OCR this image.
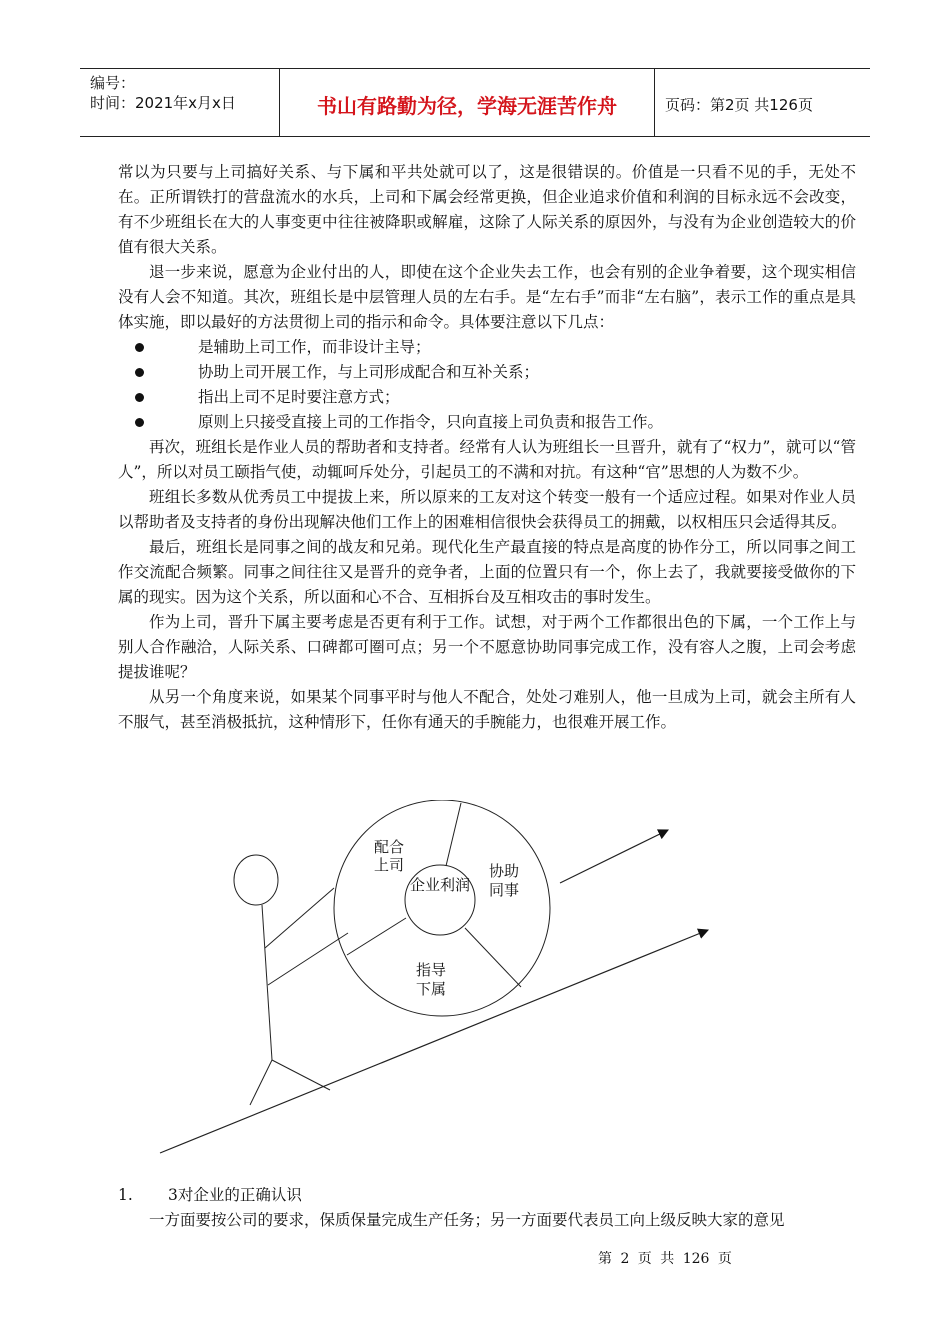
编号：
时间：2021年x月x日	书山有路勤为径，学海无涯苦作舟	页码：第2页 共126页

常以为只要与上司搞好关系、与下属和平共处就可以了，这是很错误的。价值是一只看不见的手，无处不在。正所谓铁打的营盘流水的水兵，上司和下属会经常更换，但企业追求价值和利润的目标永远不会改变，有不少班组长在大的人事变更中往往被降职或解雇，这除了人际关系的原因外，与没有为企业创造较大的价值有很大关系。

退一步来说，愿意为企业付出的人，即使在这个企业失去工作，也会有别的企业争着要，这个现实相信没有人会不知道。其次，班组长是中层管理人员的左右手。是“左右手”而非“左右脑”，表示工作的重点是具体实施，即以最好的方法贯彻上司的指示和命令。具体要注意以下几点：

是辅助上司工作，而非设计主导；
协助上司开展工作，与上司形成配合和互补关系；
指出上司不足时要注意方式；
原则上只接受直接上司的工作指令，只向直接上司负责和报告工作。

再次，班组长是作业人员的帮助者和支持者。经常有人认为班组长一旦晋升，就有了“权力”，就可以“管人”，所以对员工颐指气使，动辄呵斥处分，引起员工的不满和对抗。有这种“官”思想的人为数不少。

班组长多数从优秀员工中提拔上来，所以原来的工友对这个转变一般有一个适应过程。如果对作业人员以帮助者及支持者的身份出现解决他们工作上的困难相信很快会获得员工的拥戴，以权相压只会适得其反。

最后，班组长是同事之间的战友和兄弟。现代化生产最直接的特点是高度的协作分工，所以同事之间工作交流配合频繁。同事之间往往又是晋升的竞争者，上面的位置只有一个，你上去了，我就要接受做你的下属的现实。因为这个关系，所以面和心不合、互相拆台及互相攻击的事时发生。

作为上司，晋升下属主要考虑是否更有利于工作。试想，对于两个工作都很出色的下属，一个工作上与别人合作融洽，人际关系、口碑都可圈可点；另一个不愿意协助同事完成工作，没有容人之腹，上司会考虑提拔谁呢？

从另一个角度来说，如果某个同事平时与他人不配合，处处刁难别人，他一旦成为上司，就会主所有人不服气，甚至消极抵抗，这种情形下，任你有通天的手腕能力，也很难开展工作。

配合
上司
企业利润
协助
同事
指导
下属
1. 3对企业的正确认识

一方面要按公司的要求，保质保量完成生产任务；另一方面要代表员工向上级反映大家的意见

第 2 页 共 126 页
